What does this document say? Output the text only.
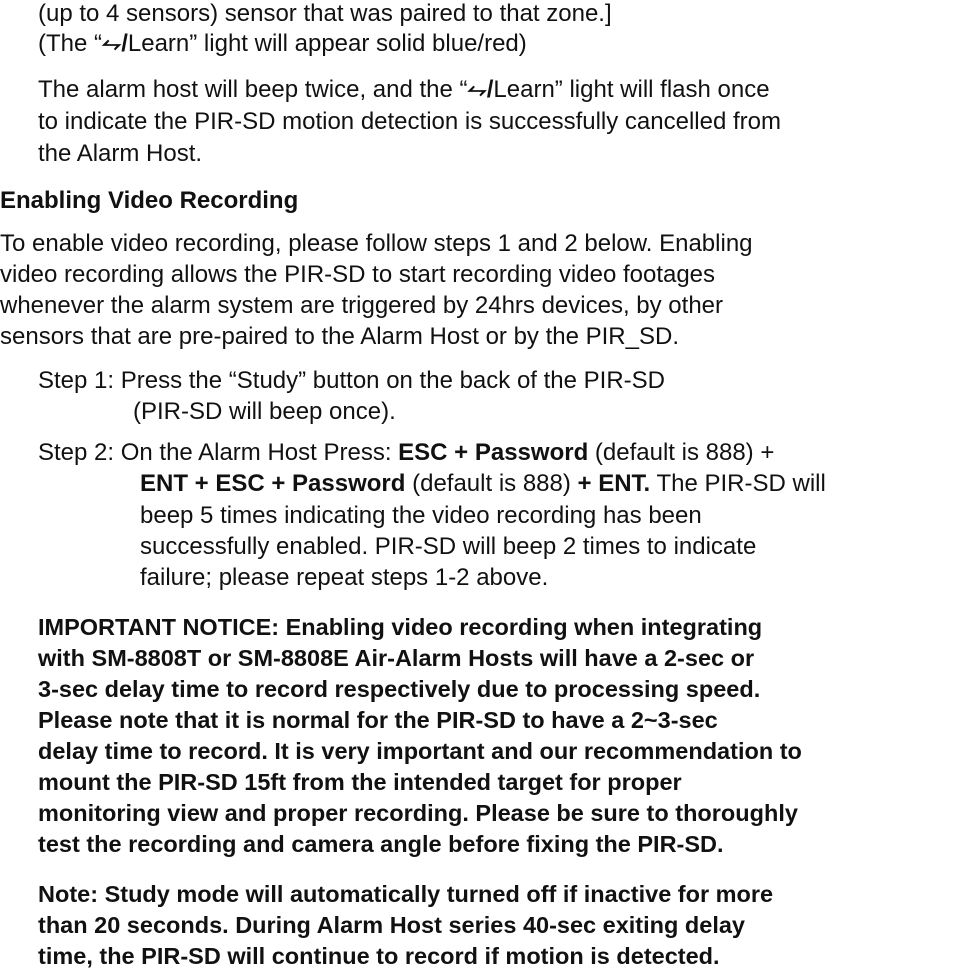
(up to 4 sensors) sensor that was paired to that zone.]
(The “⥊/Learn” light will appear solid blue/red)
The alarm host will beep twice, and the “⥊/Learn” light will flash once
to indicate the PIR-SD motion detection is successfully cancelled from
the Alarm Host.
Enabling Video Recording
To enable video recording, please follow steps 1 and 2 below. Enabling
video recording allows the PIR-SD to start recording video footages
whenever the alarm system are triggered by 24hrs devices, by other
sensors that are pre-paired to the Alarm Host or by the PIR_SD.
Step 1: Press the “Study” button on the back of the PIR-SD
(PIR-SD will beep once).
Step 2: On the Alarm Host Press: ESC + Password (default is 888) +
ENT + ESC + Password (default is 888) + ENT. The PIR-SD will
beep 5 times indicating the video recording has been
successfully enabled. PIR-SD will beep 2 times to indicate
failure; please repeat steps 1-2 above.
IMPORTANT NOTICE: Enabling video recording when integrating
with SM-8808T or SM-8808E Air-Alarm Hosts will have a 2-sec or
3-sec delay time to record respectively due to processing speed.
Please note that it is normal for the PIR-SD to have a 2~3-sec
delay time to record. It is very important and our recommendation to
mount the PIR-SD 15ft from the intended target for proper
monitoring view and proper recording. Please be sure to thoroughly
test the recording and camera angle before fixing the PIR-SD.
Note: Study mode will automatically turned off if inactive for more
than 20 seconds. During Alarm Host series 40-sec exiting delay
time, the PIR-SD will continue to record if motion is detected.
